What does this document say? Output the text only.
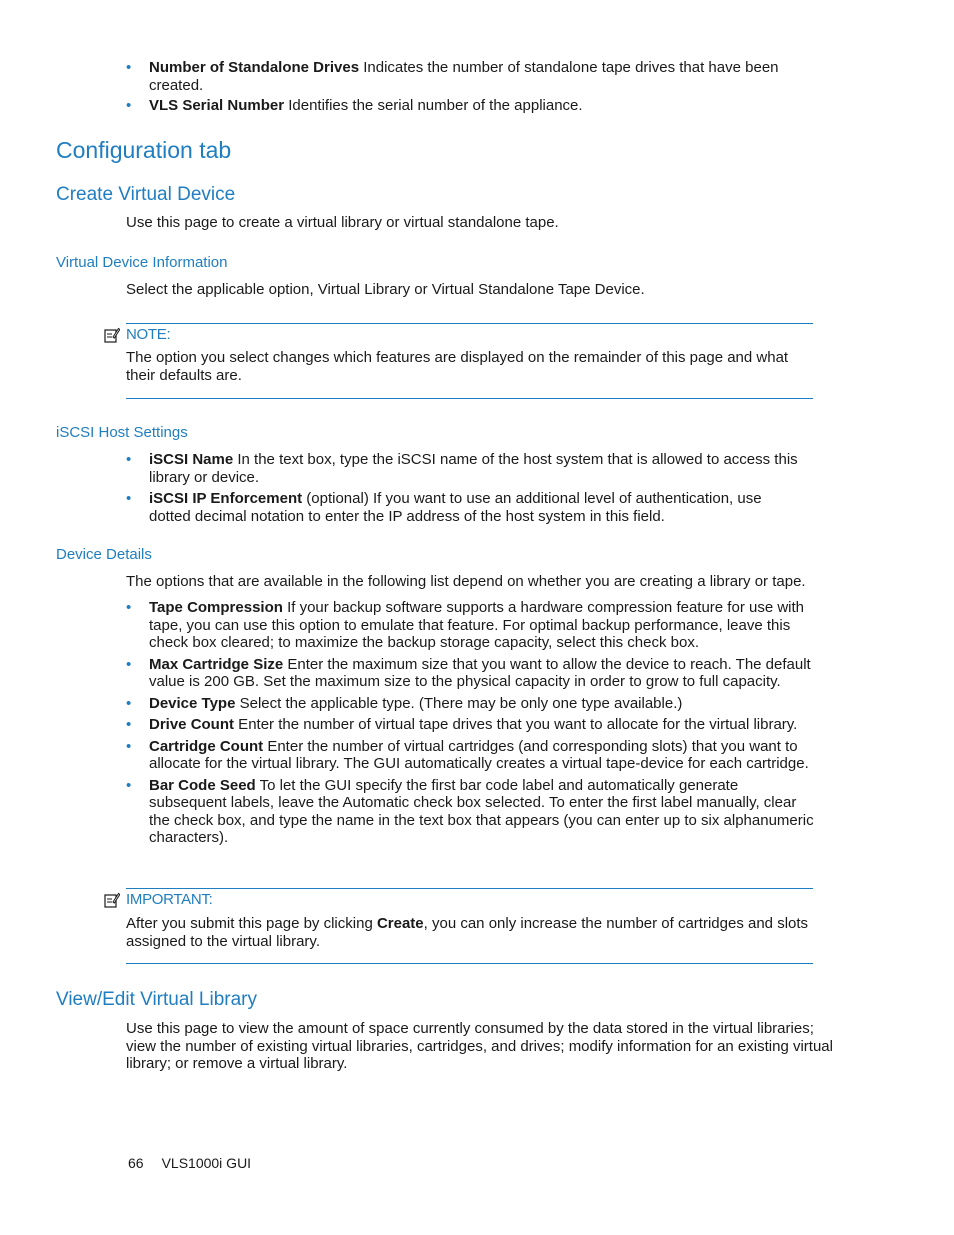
• Number of Standalone Drives Indicates the number of standalone tape drives that have been created.
• VLS Serial Number Identifies the serial number of the appliance.
Configuration tab
Create Virtual Device
Use this page to create a virtual library or virtual standalone tape.
Virtual Device Information
Select the applicable option, Virtual Library or Virtual Standalone Tape Device.
NOTE:
The option you select changes which features are displayed on the remainder of this page and what their defaults are.
iSCSI Host Settings
• iSCSI Name In the text box, type the iSCSI name of the host system that is allowed to access this library or device.
• iSCSI IP Enforcement (optional) If you want to use an additional level of authentication, use dotted decimal notation to enter the IP address of the host system in this field.
Device Details
The options that are available in the following list depend on whether you are creating a library or tape.
• Tape Compression If your backup software supports a hardware compression feature for use with tape, you can use this option to emulate that feature. For optimal backup performance, leave this check box cleared; to maximize the backup storage capacity, select this check box.
• Max Cartridge Size Enter the maximum size that you want to allow the device to reach. The default value is 200 GB. Set the maximum size to the physical capacity in order to grow to full capacity.
• Device Type Select the applicable type. (There may be only one type available.)
• Drive Count Enter the number of virtual tape drives that you want to allocate for the virtual library.
• Cartridge Count Enter the number of virtual cartridges (and corresponding slots) that you want to allocate for the virtual library. The GUI automatically creates a virtual tape-device for each cartridge.
• Bar Code Seed To let the GUI specify the first bar code label and automatically generate subsequent labels, leave the Automatic check box selected. To enter the first label manually, clear the check box, and type the name in the text box that appears (you can enter up to six alphanumeric characters).
IMPORTANT:
After you submit this page by clicking Create, you can only increase the number of cartridges and slots assigned to the virtual library.
View/Edit Virtual Library
Use this page to view the amount of space currently consumed by the data stored in the virtual libraries; view the number of existing virtual libraries, cartridges, and drives; modify information for an existing virtual library; or remove a virtual library.
66 VLS1000i GUI
